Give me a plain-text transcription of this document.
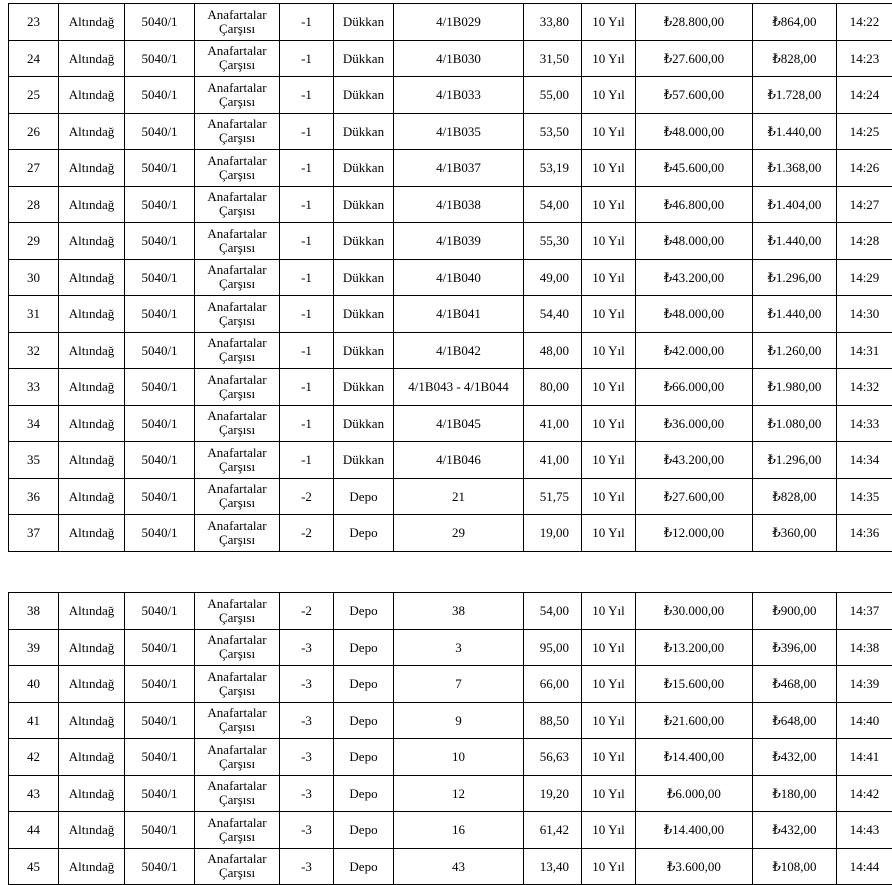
23	Altındağ	5040/1	Anafartalar
Çarşısı	-1	Dükkan	4/1B029	33,80	10 Yıl	₺28.800,00	₺864,00	14:22
24	Altındağ	5040/1	Anafartalar
Çarşısı	-1	Dükkan	4/1B030	31,50	10 Yıl	₺27.600,00	₺828,00	14:23
25	Altındağ	5040/1	Anafartalar
Çarşısı	-1	Dükkan	4/1B033	55,00	10 Yıl	₺57.600,00	₺1.728,00	14:24
26	Altındağ	5040/1	Anafartalar
Çarşısı	-1	Dükkan	4/1B035	53,50	10 Yıl	₺48.000,00	₺1.440,00	14:25
27	Altındağ	5040/1	Anafartalar
Çarşısı	-1	Dükkan	4/1B037	53,19	10 Yıl	₺45.600,00	₺1.368,00	14:26
28	Altındağ	5040/1	Anafartalar
Çarşısı	-1	Dükkan	4/1B038	54,00	10 Yıl	₺46.800,00	₺1.404,00	14:27
29	Altındağ	5040/1	Anafartalar
Çarşısı	-1	Dükkan	4/1B039	55,30	10 Yıl	₺48.000,00	₺1.440,00	14:28
30	Altındağ	5040/1	Anafartalar
Çarşısı	-1	Dükkan	4/1B040	49,00	10 Yıl	₺43.200,00	₺1.296,00	14:29
31	Altındağ	5040/1	Anafartalar
Çarşısı	-1	Dükkan	4/1B041	54,40	10 Yıl	₺48.000,00	₺1.440,00	14:30
32	Altındağ	5040/1	Anafartalar
Çarşısı	-1	Dükkan	4/1B042	48,00	10 Yıl	₺42.000,00	₺1.260,00	14:31
33	Altındağ	5040/1	Anafartalar
Çarşısı	-1	Dükkan	4/1B043 - 4/1B044	80,00	10 Yıl	₺66.000,00	₺1.980,00	14:32
34	Altındağ	5040/1	Anafartalar
Çarşısı	-1	Dükkan	4/1B045	41,00	10 Yıl	₺36.000,00	₺1.080,00	14:33
35	Altındağ	5040/1	Anafartalar
Çarşısı	-1	Dükkan	4/1B046	41,00	10 Yıl	₺43.200,00	₺1.296,00	14:34
36	Altındağ	5040/1	Anafartalar
Çarşısı	-2	Depo	21	51,75	10 Yıl	₺27.600,00	₺828,00	14:35
37	Altındağ	5040/1	Anafartalar
Çarşısı	-2	Depo	29	19,00	10 Yıl	₺12.000,00	₺360,00	14:36
38	Altındağ	5040/1	Anafartalar
Çarşısı	-2	Depo	38	54,00	10 Yıl	₺30.000,00	₺900,00	14:37
39	Altındağ	5040/1	Anafartalar
Çarşısı	-3	Depo	3	95,00	10 Yıl	₺13.200,00	₺396,00	14:38
40	Altındağ	5040/1	Anafartalar
Çarşısı	-3	Depo	7	66,00	10 Yıl	₺15.600,00	₺468,00	14:39
41	Altındağ	5040/1	Anafartalar
Çarşısı	-3	Depo	9	88,50	10 Yıl	₺21.600,00	₺648,00	14:40
42	Altındağ	5040/1	Anafartalar
Çarşısı	-3	Depo	10	56,63	10 Yıl	₺14.400,00	₺432,00	14:41
43	Altındağ	5040/1	Anafartalar
Çarşısı	-3	Depo	12	19,20	10 Yıl	₺6.000,00	₺180,00	14:42
44	Altındağ	5040/1	Anafartalar
Çarşısı	-3	Depo	16	61,42	10 Yıl	₺14.400,00	₺432,00	14:43
45	Altındağ	5040/1	Anafartalar
Çarşısı	-3	Depo	43	13,40	10 Yıl	₺3.600,00	₺108,00	14:44
